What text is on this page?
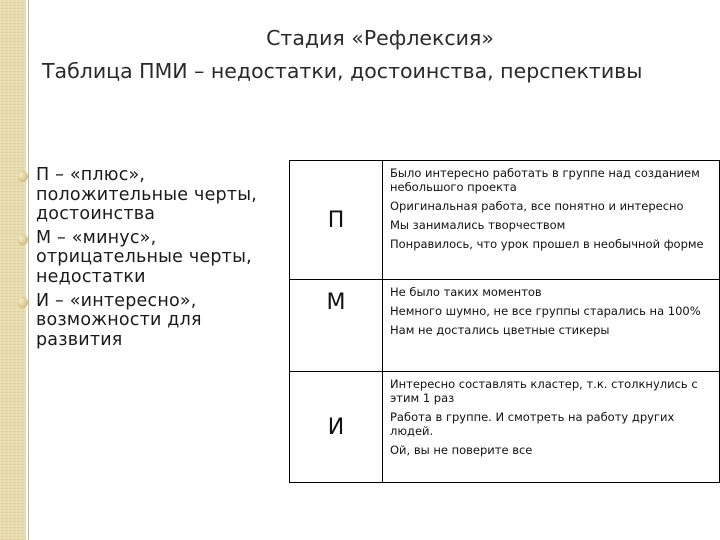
Стадия «Рефлексия»
Таблица ПМИ – недостатки, достоинства, перспективы
П – «плюс», положительные черты, достоинства
М – «минус», отрицательные черты, недостатки
И – «интересно», возможности для развития
П	Было интересно работать в группе над созданием небольшого проекта
Оригинальная работа, все понятно и интересно
Мы занимались творчеством
Понравилось, что урок прошел в необычной форме

М	Не было таких моментов
Немного шумно, не все группы старались на 100%
Нам не достались цветные стикеры

И	Интересно составлять кластер, т.к. столкнулись с этим 1 раз
Работа в группе. И смотреть на работу других людей.
Ой, вы не поверите все
